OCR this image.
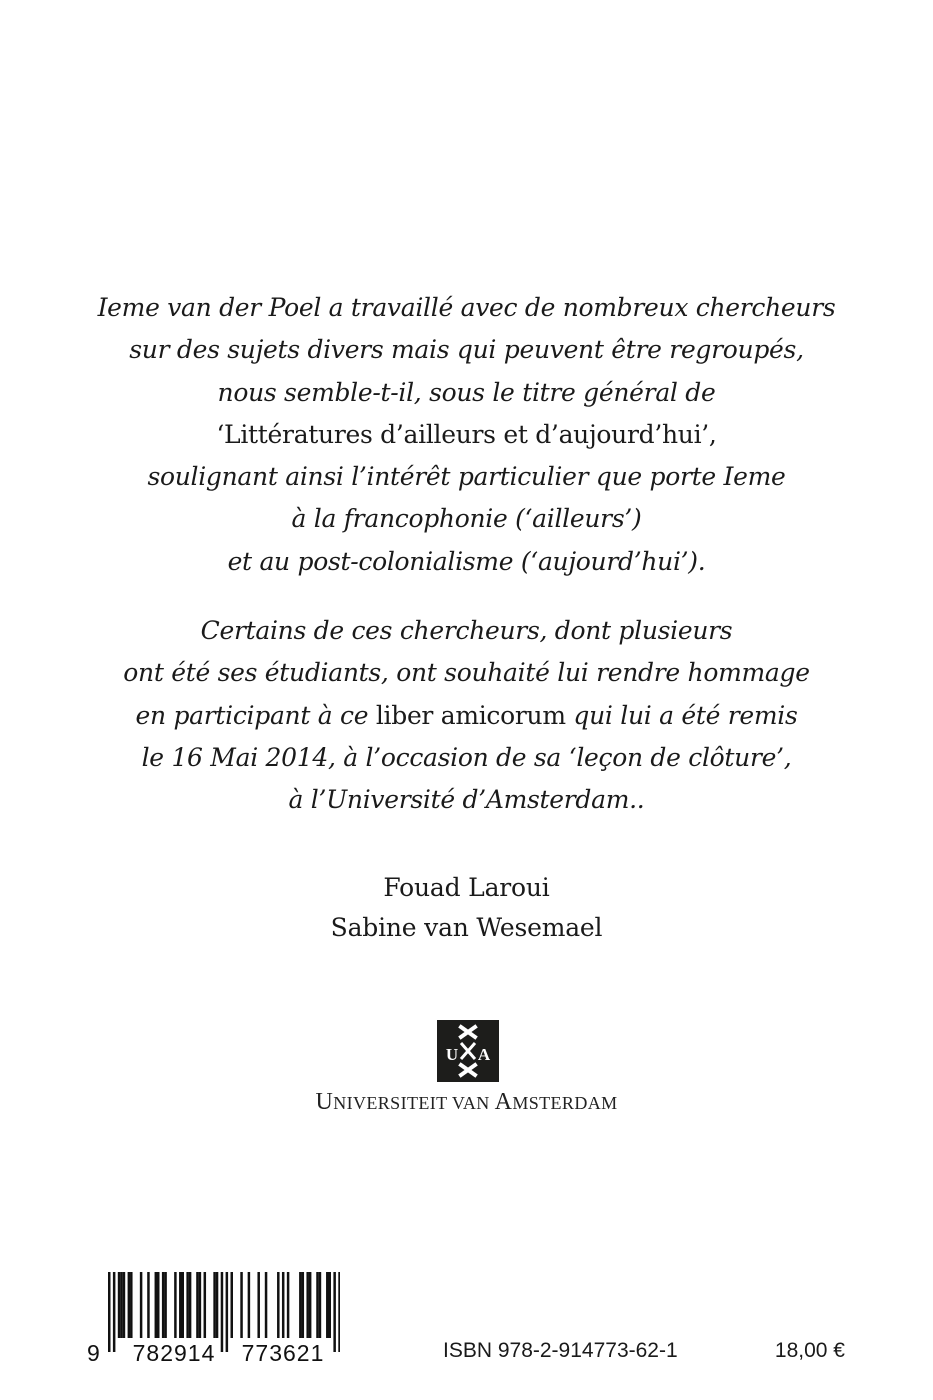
Ieme van der Poel a travaillé avec de nombreux chercheurs
sur des sujets divers mais qui peuvent être regroupés,
nous semble-t-il, sous le titre général de
‘Littératures d’ailleurs et d’aujourd’hui’,
soulignant ainsi l’intérêt particulier que porte Ieme
à la francophonie (‘ailleurs’)
et au post-colonialisme (‘aujourd’hui’).
Certains de ces chercheurs, dont plusieurs
ont été ses étudiants, ont souhaité lui rendre hommage
en participant à ce liber amicorum qui lui a été remis
le 16 Mai 2014, à l’occasion de sa ‘leçon de clôture’,
à l’Université d’Amsterdam..
Fouad Laroui
Sabine van Wesemael
U A
UNIVERSITEIT VAN AMSTERDAM
9 782914 773621	ISBN 978-2-914773-62-1	18,00 €
